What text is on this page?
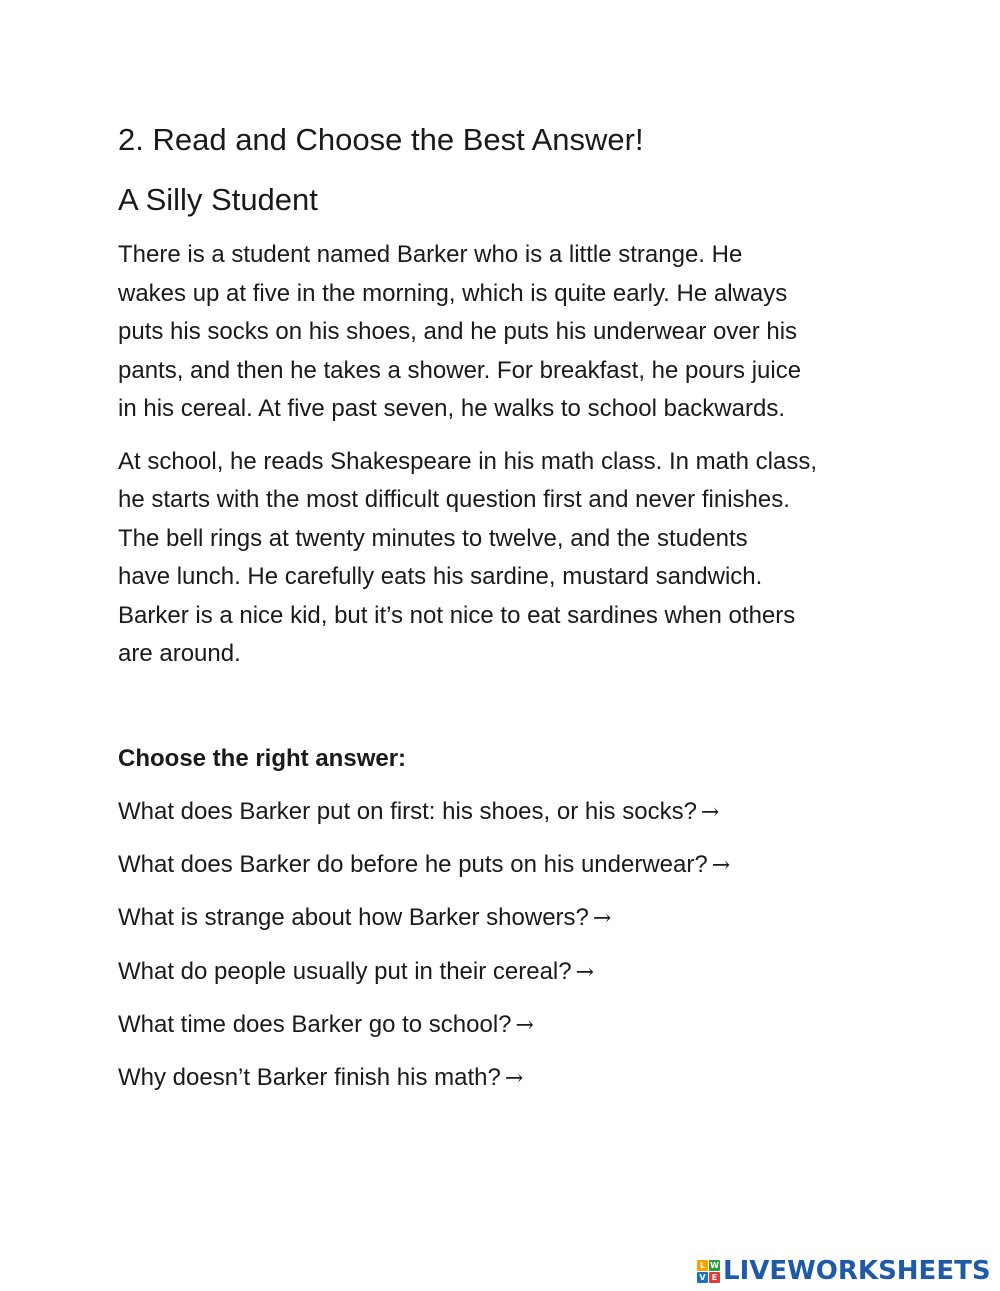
2. Read and Choose the Best Answer!
A Silly Student

There is a student named Barker who is a little strange. He

wakes up at five in the morning, which is quite early. He always

puts his socks on his shoes, and he puts his underwear over his

pants, and then he takes a shower. For breakfast, he pours juice

in his cereal. At five past seven, he walks to school backwards.

At school, he reads Shakespeare in his math class. In math class,

he starts with the most difficult question first and never finishes.

The bell rings at twenty minutes to twelve, and the students

have lunch. He carefully eats his sardine, mustard sandwich.

Barker is a nice kid, but it’s not nice to eat sardines when others

are around.

Choose the right answer:

What does Barker put on first: his shoes, or his socks? →

What does Barker do before he puts on his underwear? →

What is strange about how Barker showers? →

What do people usually put in their cereal? →

What time does Barker go to school? →

Why doesn’t Barker finish his math? →

L W
V E LIVEWORKSHEETS
